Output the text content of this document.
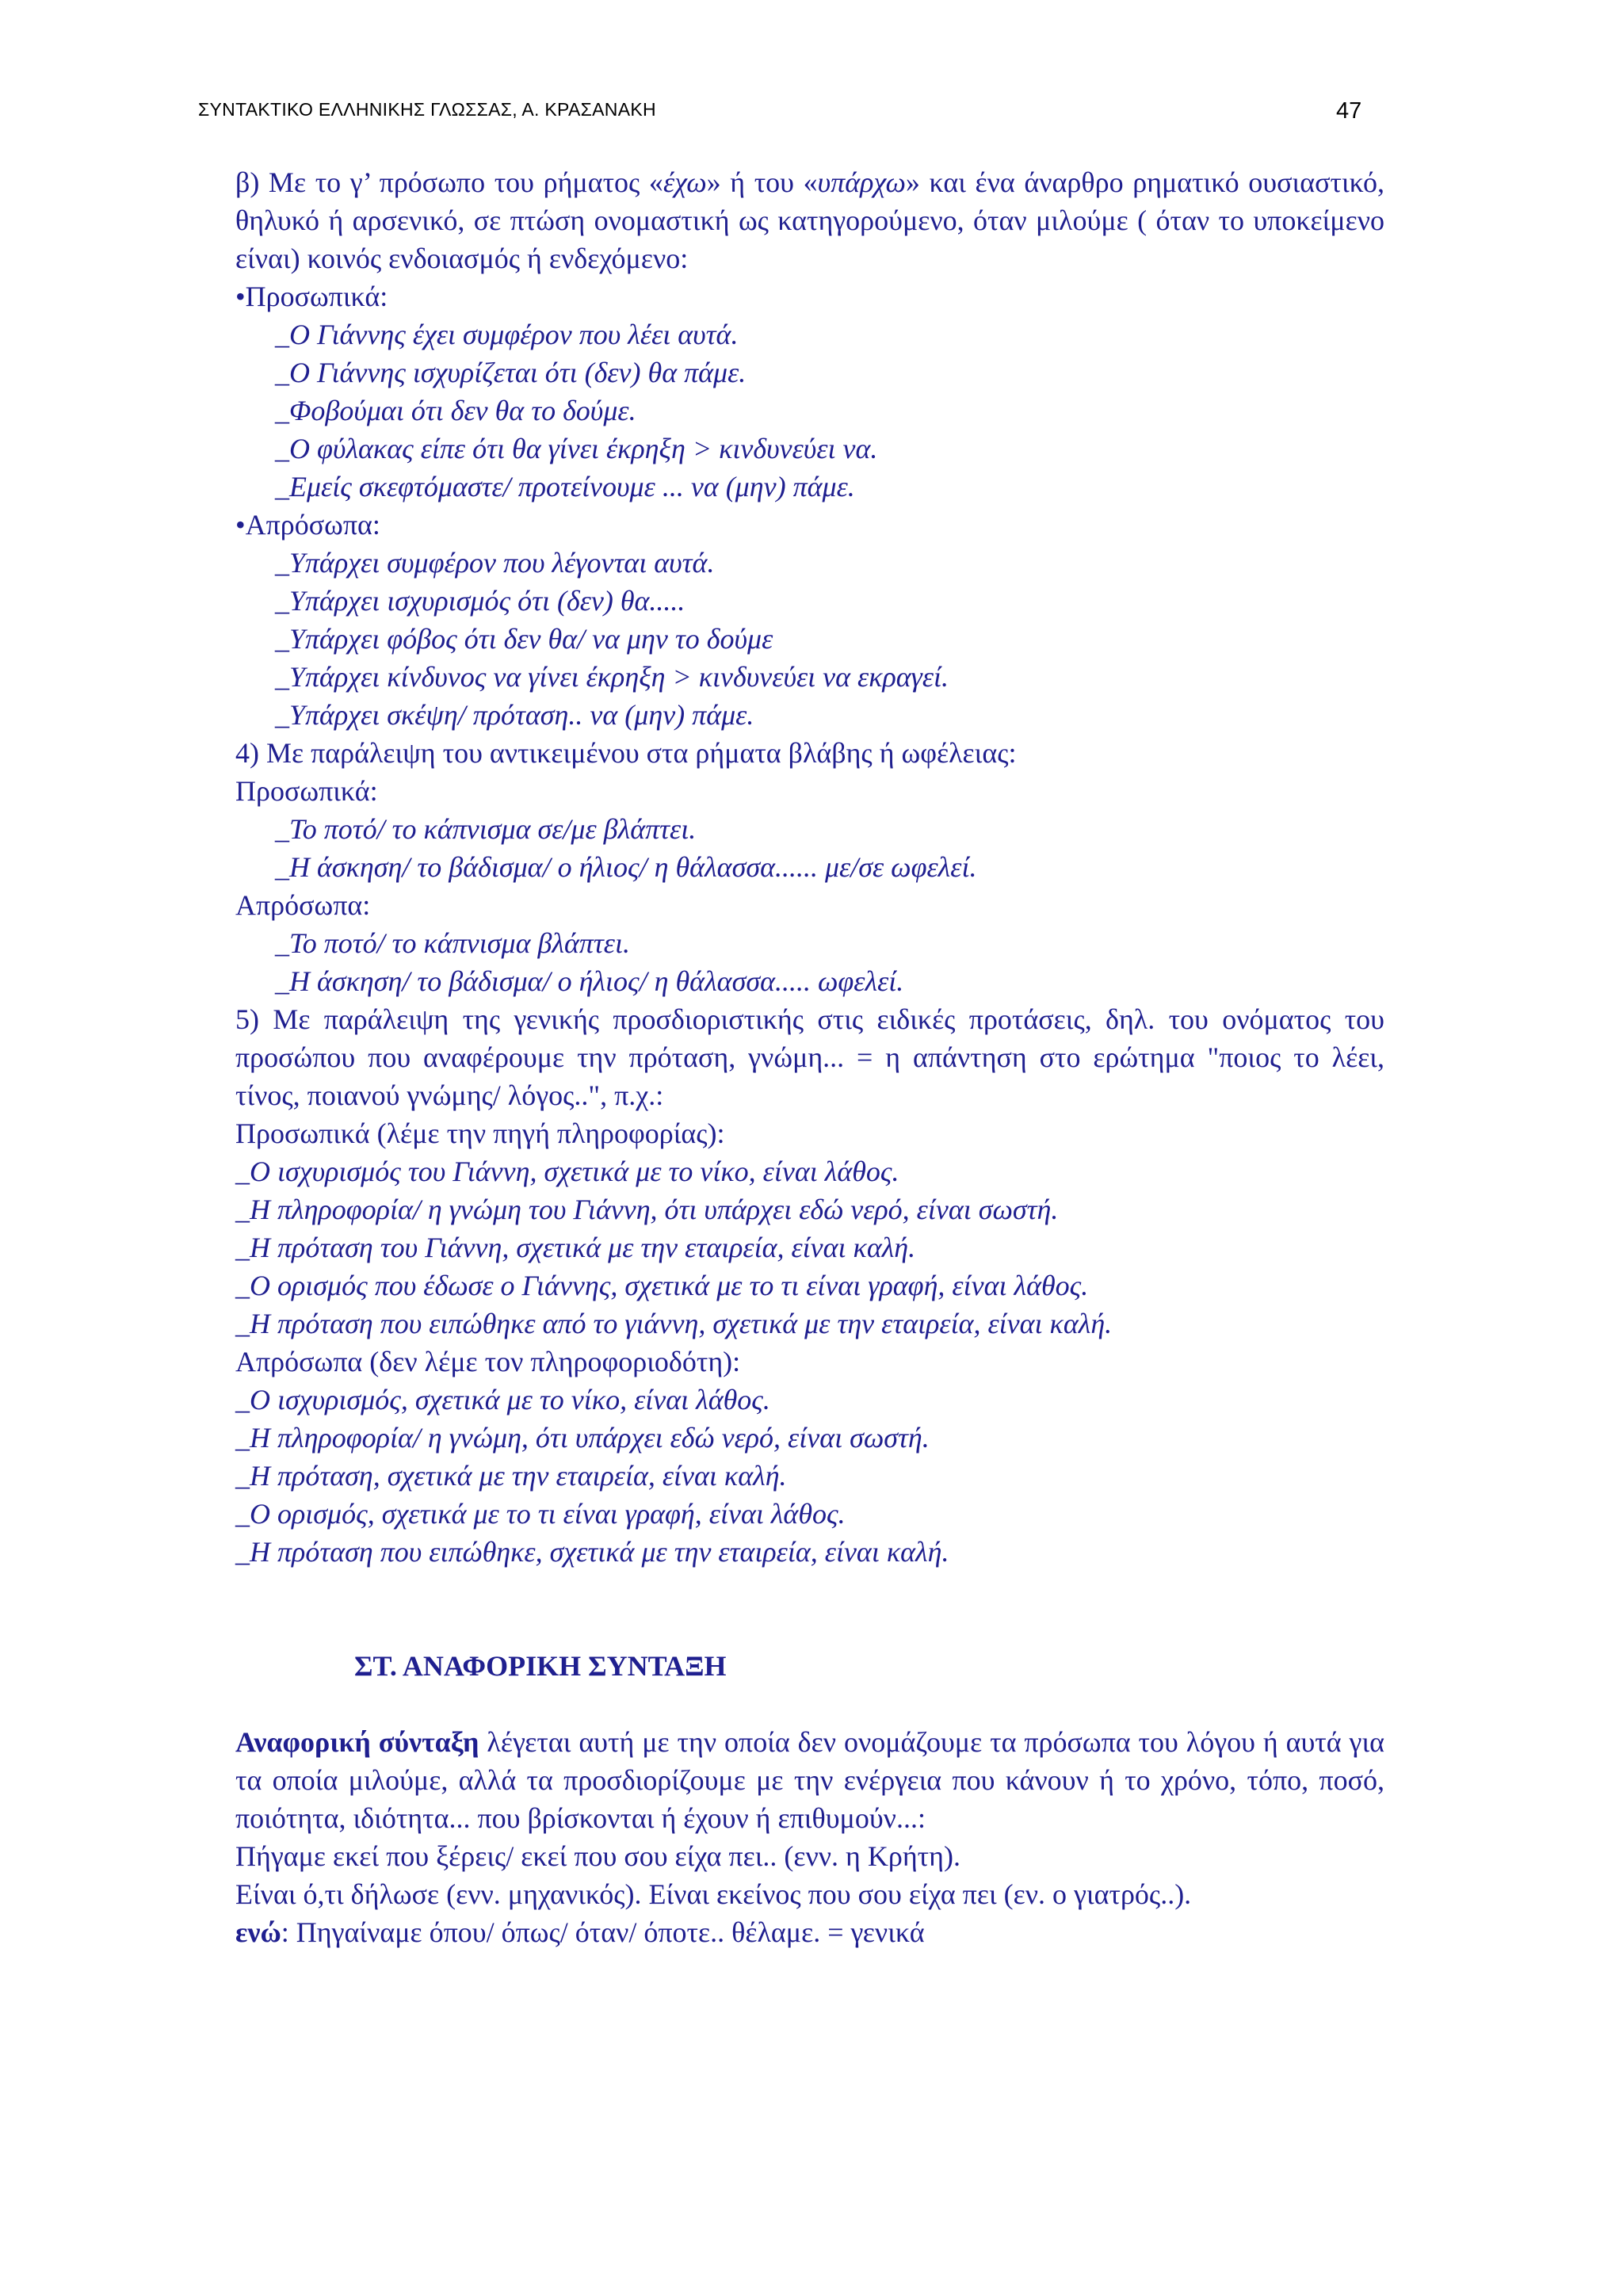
ΣΥΝΤΑΚΤΙΚΟ ΕΛΛΗΝΙΚΗΣ ΓΛΩΣΣΑΣ, Α. ΚΡΑΣΑΝΑΚΗ	47

β) Με το γ’ πρόσωπο του ρήματος «έχω» ή του «υπάρχω» και ένα άναρθρο ρηματικό ουσιαστικό, θηλυκό ή αρσενικό, σε πτώση ονομαστική ως κατηγορούμενο, όταν μιλούμε ( όταν το υποκείμενο είναι) κοινός ενδοιασμός ή ενδεχόμενο:

•Προσωπικά:

_Ο Γιάννης έχει συμφέρον που λέει αυτά.

_Ο Γιάννης ισχυρίζεται ότι (δεν) θα πάμε.

_Φοβούμαι ότι δεν θα το δούμε.

_Ο φύλακας είπε ότι θα γίνει έκρηξη > κινδυνεύει να.

_Εμείς σκεφτόμαστε/ προτείνουμε ... να (μην) πάμε.

•Απρόσωπα:

_Υπάρχει συμφέρον που λέγονται αυτά.

_Υπάρχει ισχυρισμός ότι (δεν) θα.....

_Υπάρχει φόβος ότι δεν θα/ να μην το δούμε

_Υπάρχει κίνδυνος να γίνει έκρηξη > κινδυνεύει να εκραγεί.

_Υπάρχει σκέψη/ πρόταση.. να (μην) πάμε.

4) Με παράλειψη του αντικειμένου στα ρήματα βλάβης ή ωφέλειας:

Προσωπικά:

_Το ποτό/ το κάπνισμα σε/με βλάπτει.

_Η άσκηση/ το βάδισμα/ ο ήλιος/ η θάλασσα...... με/σε ωφελεί.

Απρόσωπα:

_Το ποτό/ το κάπνισμα βλάπτει.

_Η άσκηση/ το βάδισμα/ ο ήλιος/ η θάλασσα..... ωφελεί.

5) Με παράλειψη της γενικής προσδιοριστικής στις ειδικές προτάσεις, δηλ. του ονόματος του προσώπου που αναφέρουμε την πρόταση, γνώμη... = η απάντηση στο ερώτημα "ποιος το λέει, τίνος, ποιανού γνώμης/ λόγος..", π.χ.:

Προσωπικά (λέμε την πηγή πληροφορίας):

_Ο ισχυρισμός του Γιάννη, σχετικά με το νίκο, είναι λάθος.

_Η πληροφορία/ η γνώμη του Γιάννη, ότι υπάρχει εδώ νερό, είναι σωστή.

_Η πρόταση του Γιάννη, σχετικά με την εταιρεία, είναι καλή.

_Ο ορισμός που έδωσε ο Γιάννης, σχετικά με το τι είναι γραφή, είναι λάθος.

_Η πρόταση που ειπώθηκε από το γιάννη, σχετικά με την εταιρεία, είναι καλή.

Απρόσωπα (δεν λέμε τον πληροφοριοδότη):

_Ο ισχυρισμός, σχετικά με το νίκο, είναι λάθος.

_Η πληροφορία/ η γνώμη, ότι υπάρχει εδώ νερό, είναι σωστή.

_Η πρόταση, σχετικά με την εταιρεία, είναι καλή.

_Ο ορισμός, σχετικά με το τι είναι γραφή, είναι λάθος.

_Η πρόταση που ειπώθηκε, σχετικά με την εταιρεία, είναι καλή.

ΣΤ. ΑΝΑΦΟΡΙΚΗ ΣΥΝΤΑΞΗ

Αναφορική σύνταξη λέγεται αυτή με την οποία δεν ονομάζουμε τα πρόσωπα του λόγου ή αυτά για τα οποία μιλούμε, αλλά τα προσδιορίζουμε με την ενέργεια που κάνουν ή το χρόνο, τόπο, ποσό, ποιότητα, ιδιότητα... που βρίσκονται ή έχουν ή επιθυμούν...:

Πήγαμε εκεί που ξέρεις/ εκεί που σου είχα πει.. (ενν. η Κρήτη).

Είναι ό,τι δήλωσε (ενν. μηχανικός). Είναι εκείνος που σου είχα πει (εν. ο γιατρός..).

ενώ: Πηγαίναμε όπου/ όπως/ όταν/ όποτε.. θέλαμε. = γενικά
